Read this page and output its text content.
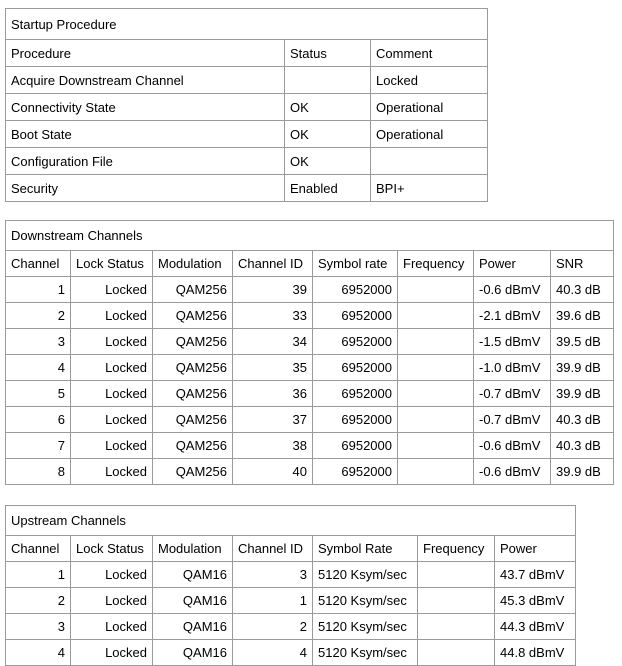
Startup Procedure		
Procedure	Status	Comment
Acquire Downstream Channel		Locked
Connectivity State	OK	Operational
Boot State	OK	Operational
Configuration File	OK	
Security	Enabled	BPI+
Downstream Channels							
Channel	Lock Status	Modulation	Channel ID	Symbol rate	Frequency	Power	SNR
1	Locked	QAM256	39	6952000		-0.6 dBmV	40.3 dB
2	Locked	QAM256	33	6952000		-2.1 dBmV	39.6 dB
3	Locked	QAM256	34	6952000		-1.5 dBmV	39.5 dB
4	Locked	QAM256	35	6952000		-1.0 dBmV	39.9 dB
5	Locked	QAM256	36	6952000		-0.7 dBmV	39.9 dB
6	Locked	QAM256	37	6952000		-0.7 dBmV	40.3 dB
7	Locked	QAM256	38	6952000		-0.6 dBmV	40.3 dB
8	Locked	QAM256	40	6952000		-0.6 dBmV	39.9 dB
Upstream Channels						
Channel	Lock Status	Modulation	Channel ID	Symbol Rate	Frequency	Power
1	Locked	QAM16	3	5120 Ksym/sec		43.7 dBmV
2	Locked	QAM16	1	5120 Ksym/sec		45.3 dBmV
3	Locked	QAM16	2	5120 Ksym/sec		44.3 dBmV
4	Locked	QAM16	4	5120 Ksym/sec		44.8 dBmV
